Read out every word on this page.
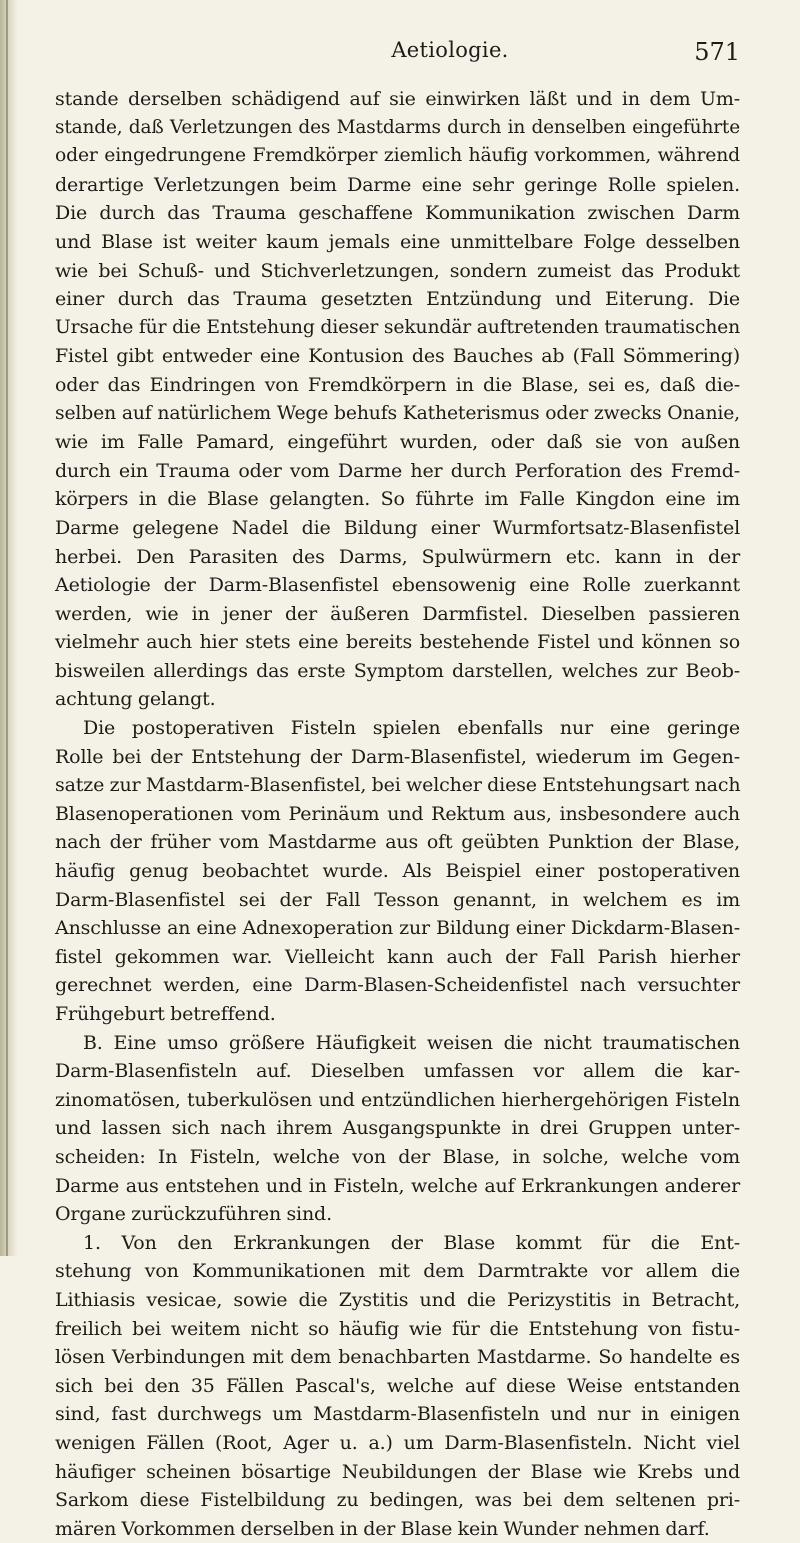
Aetiologie.	571
stande derselben schädigend auf sie einwirken läßt und in dem Um-
stande, daß Verletzungen des Mastdarms durch in denselben eingeführte
oder eingedrungene Fremdkörper ziemlich häufig vorkommen, während
derartige Verletzungen beim Darme eine sehr geringe Rolle spielen.
Die durch das Trauma geschaffene Kommunikation zwischen Darm
und Blase ist weiter kaum jemals eine unmittelbare Folge desselben
wie bei Schuß- und Stichverletzungen, sondern zumeist das Produkt
einer durch das Trauma gesetzten Entzündung und Eiterung. Die
Ursache für die Entstehung dieser sekundär auftretenden traumatischen
Fistel gibt entweder eine Kontusion des Bauches ab (Fall Sömmering)
oder das Eindringen von Fremdkörpern in die Blase, sei es, daß die-
selben auf natürlichem Wege behufs Katheterismus oder zwecks Onanie,
wie im Falle Pamard, eingeführt wurden, oder daß sie von außen
durch ein Trauma oder vom Darme her durch Perforation des Fremd-
körpers in die Blase gelangten. So führte im Falle Kingdon eine im
Darme gelegene Nadel die Bildung einer Wurmfortsatz-Blasenfistel
herbei. Den Parasiten des Darms, Spulwürmern etc. kann in der
Aetiologie der Darm-Blasenfistel ebensowenig eine Rolle zuerkannt
werden, wie in jener der äußeren Darmfistel. Dieselben passieren
vielmehr auch hier stets eine bereits bestehende Fistel und können so
bisweilen allerdings das erste Symptom darstellen, welches zur Beob-
achtung gelangt.
Die postoperativen Fisteln spielen ebenfalls nur eine geringe
Rolle bei der Entstehung der Darm-Blasenfistel, wiederum im Gegen-
satze zur Mastdarm-Blasenfistel, bei welcher diese Entstehungsart nach
Blasenoperationen vom Perinäum und Rektum aus, insbesondere auch
nach der früher vom Mastdarme aus oft geübten Punktion der Blase,
häufig genug beobachtet wurde. Als Beispiel einer postoperativen
Darm-Blasenfistel sei der Fall Tesson genannt, in welchem es im
Anschlusse an eine Adnexoperation zur Bildung einer Dickdarm-Blasen-
fistel gekommen war. Vielleicht kann auch der Fall Parish hierher
gerechnet werden, eine Darm-Blasen-Scheidenfistel nach versuchter
Frühgeburt betreffend.
B. Eine umso größere Häufigkeit weisen die nicht traumatischen
Darm-Blasenfisteln auf. Dieselben umfassen vor allem die kar-
zinomatösen, tuberkulösen und entzündlichen hierhergehörigen Fisteln
und lassen sich nach ihrem Ausgangspunkte in drei Gruppen unter-
scheiden: In Fisteln, welche von der Blase, in solche, welche vom
Darme aus entstehen und in Fisteln, welche auf Erkrankungen anderer
Organe zurückzuführen sind.
1. Von den Erkrankungen der Blase kommt für die Ent-
stehung von Kommunikationen mit dem Darmtrakte vor allem die
Lithiasis vesicae, sowie die Zystitis und die Perizystitis in Betracht,
freilich bei weitem nicht so häufig wie für die Entstehung von fistu-
lösen Verbindungen mit dem benachbarten Mastdarme. So handelte es
sich bei den 35 Fällen Pascal's, welche auf diese Weise entstanden
sind, fast durchwegs um Mastdarm-Blasenfisteln und nur in einigen
wenigen Fällen (Root, Ager u. a.) um Darm-Blasenfisteln. Nicht viel
häufiger scheinen bösartige Neubildungen der Blase wie Krebs und
Sarkom diese Fistelbildung zu bedingen, was bei dem seltenen pri-
mären Vorkommen derselben in der Blase kein Wunder nehmen darf.
